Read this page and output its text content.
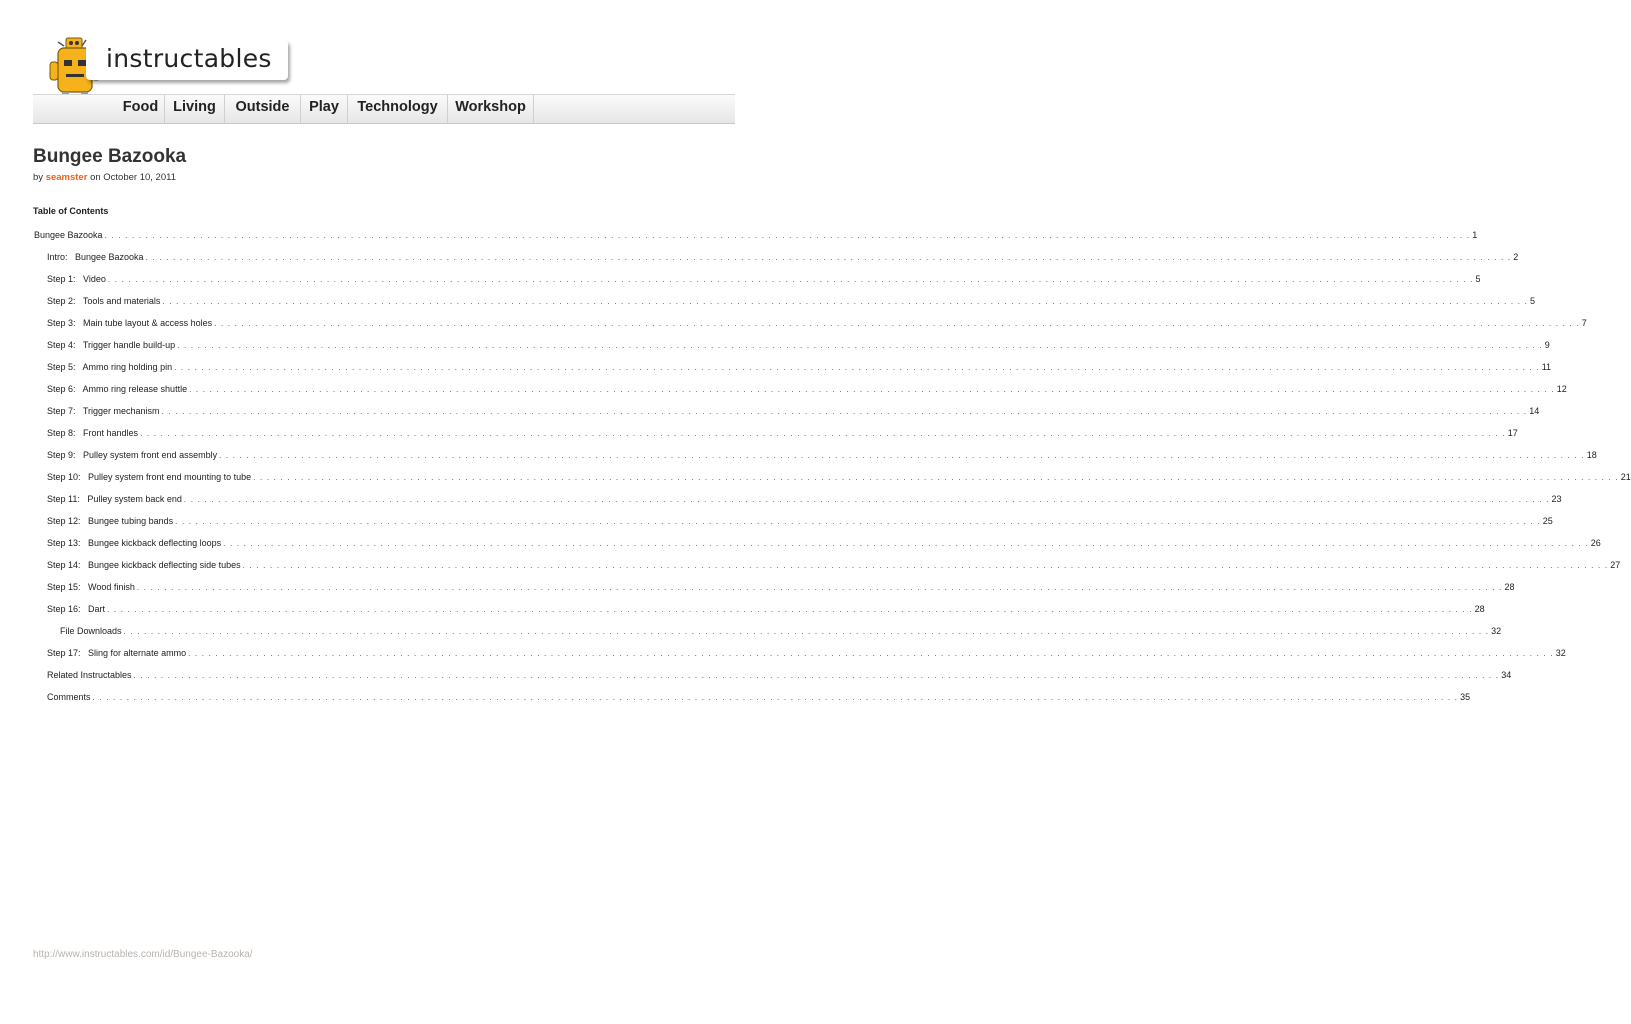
instructables
Food	Living	Outside	Play	Technology	Workshop
Bungee Bazooka
by seamster on October 10, 2011
Table of Contents
Bungee Bazooka . . . . . . . . . . . . . . . . . . . . . . . . . . . . . . . . . . . . . . . . . . . . . . . . . . . . . . . . . . . . . . . . . . . . . . . . . . . . . . . . . . . . . . . . . . . . . . . . . . . . . . . . . . . . . . . . . . . . . . . . . . . . . . . . . . . . . . . . . . . . . . . . . . . . . . . . . . . . . . . . . . . . . . . . . . . . . . . . . . . . . . . . . . . . . . . . . . . . . . . . 1
Intro:   Bungee Bazooka . . . . . . . . . . . . . . . . . . . . . . . . . . . . . . . . . . . . . . . . . . . . . . . . . . . . . . . . . . . . . . . . . . . . . . . . . . . . . . . . . . . . . . . . . . . . . . . . . . . . . . . . . . . . . . . . . . . . . . . . . . . . . . . . . . . . . . . . . . . . . . . . . . . . . . . . . . . . . . . . . . . . . . . . . . . . . . . . . . . . . . . . . . . . . . . . . . . . . . . . 2
Step 1:   Video . . . . . . . . . . . . . . . . . . . . . . . . . . . . . . . . . . . . . . . . . . . . . . . . . . . . . . . . . . . . . . . . . . . . . . . . . . . . . . . . . . . . . . . . . . . . . . . . . . . . . . . . . . . . . . . . . . . . . . . . . . . . . . . . . . . . . . . . . . . . . . . . . . . . . . . . . . . . . . . . . . . . . . . . . . . . . . . . . . . . . . . . . . . . . . . . . . . . . . . . 5
Step 2:   Tools and materials . . . . . . . . . . . . . . . . . . . . . . . . . . . . . . . . . . . . . . . . . . . . . . . . . . . . . . . . . . . . . . . . . . . . . . . . . . . . . . . . . . . . . . . . . . . . . . . . . . . . . . . . . . . . . . . . . . . . . . . . . . . . . . . . . . . . . . . . . . . . . . . . . . . . . . . . . . . . . . . . . . . . . . . . . . . . . . . . . . . . . . . . . . . . . . . . . . . . . . . . 5
Step 3:   Main tube layout & access holes . . . . . . . . . . . . . . . . . . . . . . . . . . . . . . . . . . . . . . . . . . . . . . . . . . . . . . . . . . . . . . . . . . . . . . . . . . . . . . . . . . . . . . . . . . . . . . . . . . . . . . . . . . . . . . . . . . . . . . . . . . . . . . . . . . . . . . . . . . . . . . . . . . . . . . . . . . . . . . . . . . . . . . . . . . . . . . . . . . . . . . . . . . . . . . . . . . . . . . . . 7
Step 4:   Trigger handle build-up . . . . . . . . . . . . . . . . . . . . . . . . . . . . . . . . . . . . . . . . . . . . . . . . . . . . . . . . . . . . . . . . . . . . . . . . . . . . . . . . . . . . . . . . . . . . . . . . . . . . . . . . . . . . . . . . . . . . . . . . . . . . . . . . . . . . . . . . . . . . . . . . . . . . . . . . . . . . . . . . . . . . . . . . . . . . . . . . . . . . . . . . . . . . . . . . . . . . . . . . 9
Step 5:   Ammo ring holding pin . . . . . . . . . . . . . . . . . . . . . . . . . . . . . . . . . . . . . . . . . . . . . . . . . . . . . . . . . . . . . . . . . . . . . . . . . . . . . . . . . . . . . . . . . . . . . . . . . . . . . . . . . . . . . . . . . . . . . . . . . . . . . . . . . . . . . . . . . . . . . . . . . . . . . . . . . . . . . . . . . . . . . . . . . . . . . . . . . . . . . . . . . . . . . . . . . . . . . . . . 11
Step 6:   Ammo ring release shuttle . . . . . . . . . . . . . . . . . . . . . . . . . . . . . . . . . . . . . . . . . . . . . . . . . . . . . . . . . . . . . . . . . . . . . . . . . . . . . . . . . . . . . . . . . . . . . . . . . . . . . . . . . . . . . . . . . . . . . . . . . . . . . . . . . . . . . . . . . . . . . . . . . . . . . . . . . . . . . . . . . . . . . . . . . . . . . . . . . . . . . . . . . . . . . . . . . . . . . . . . 12
Step 7:   Trigger mechanism . . . . . . . . . . . . . . . . . . . . . . . . . . . . . . . . . . . . . . . . . . . . . . . . . . . . . . . . . . . . . . . . . . . . . . . . . . . . . . . . . . . . . . . . . . . . . . . . . . . . . . . . . . . . . . . . . . . . . . . . . . . . . . . . . . . . . . . . . . . . . . . . . . . . . . . . . . . . . . . . . . . . . . . . . . . . . . . . . . . . . . . . . . . . . . . . . . . . . . . . 14
Step 8:   Front handles . . . . . . . . . . . . . . . . . . . . . . . . . . . . . . . . . . . . . . . . . . . . . . . . . . . . . . . . . . . . . . . . . . . . . . . . . . . . . . . . . . . . . . . . . . . . . . . . . . . . . . . . . . . . . . . . . . . . . . . . . . . . . . . . . . . . . . . . . . . . . . . . . . . . . . . . . . . . . . . . . . . . . . . . . . . . . . . . . . . . . . . . . . . . . . . . . . . . . . . . 17
Step 9:   Pulley system front end assembly . . . . . . . . . . . . . . . . . . . . . . . . . . . . . . . . . . . . . . . . . . . . . . . . . . . . . . . . . . . . . . . . . . . . . . . . . . . . . . . . . . . . . . . . . . . . . . . . . . . . . . . . . . . . . . . . . . . . . . . . . . . . . . . . . . . . . . . . . . . . . . . . . . . . . . . . . . . . . . . . . . . . . . . . . . . . . . . . . . . . . . . . . . . . . . . . . . . . . . . . 18
Step 10:   Pulley system front end mounting to tube . . . . . . . . . . . . . . . . . . . . . . . . . . . . . . . . . . . . . . . . . . . . . . . . . . . . . . . . . . . . . . . . . . . . . . . . . . . . . . . . . . . . . . . . . . . . . . . . . . . . . . . . . . . . . . . . . . . . . . . . . . . . . . . . . . . . . . . . . . . . . . . . . . . . . . . . . . . . . . . . . . . . . . . . . . . . . . . . . . . . . . . . . . . . . . . . . . . . . . . . 21
Step 11:   Pulley system back end . . . . . . . . . . . . . . . . . . . . . . . . . . . . . . . . . . . . . . . . . . . . . . . . . . . . . . . . . . . . . . . . . . . . . . . . . . . . . . . . . . . . . . . . . . . . . . . . . . . . . . . . . . . . . . . . . . . . . . . . . . . . . . . . . . . . . . . . . . . . . . . . . . . . . . . . . . . . . . . . . . . . . . . . . . . . . . . . . . . . . . . . . . . . . . . . . . . . . . . . 23
Step 12:   Bungee tubing bands . . . . . . . . . . . . . . . . . . . . . . . . . . . . . . . . . . . . . . . . . . . . . . . . . . . . . . . . . . . . . . . . . . . . . . . . . . . . . . . . . . . . . . . . . . . . . . . . . . . . . . . . . . . . . . . . . . . . . . . . . . . . . . . . . . . . . . . . . . . . . . . . . . . . . . . . . . . . . . . . . . . . . . . . . . . . . . . . . . . . . . . . . . . . . . . . . . . . . . . . 25
Step 13:   Bungee kickback deflecting loops . . . . . . . . . . . . . . . . . . . . . . . . . . . . . . . . . . . . . . . . . . . . . . . . . . . . . . . . . . . . . . . . . . . . . . . . . . . . . . . . . . . . . . . . . . . . . . . . . . . . . . . . . . . . . . . . . . . . . . . . . . . . . . . . . . . . . . . . . . . . . . . . . . . . . . . . . . . . . . . . . . . . . . . . . . . . . . . . . . . . . . . . . . . . . . . . . . . . . . . . 26
Step 14:   Bungee kickback deflecting side tubes . . . . . . . . . . . . . . . . . . . . . . . . . . . . . . . . . . . . . . . . . . . . . . . . . . . . . . . . . . . . . . . . . . . . . . . . . . . . . . . . . . . . . . . . . . . . . . . . . . . . . . . . . . . . . . . . . . . . . . . . . . . . . . . . . . . . . . . . . . . . . . . . . . . . . . . . . . . . . . . . . . . . . . . . . . . . . . . . . . . . . . . . . . . . . . . . . . . . . . . . 27
Step 15:   Wood finish . . . . . . . . . . . . . . . . . . . . . . . . . . . . . . . . . . . . . . . . . . . . . . . . . . . . . . . . . . . . . . . . . . . . . . . . . . . . . . . . . . . . . . . . . . . . . . . . . . . . . . . . . . . . . . . . . . . . . . . . . . . . . . . . . . . . . . . . . . . . . . . . . . . . . . . . . . . . . . . . . . . . . . . . . . . . . . . . . . . . . . . . . . . . . . . . . . . . . . . . 28
Step 16:   Dart . . . . . . . . . . . . . . . . . . . . . . . . . . . . . . . . . . . . . . . . . . . . . . . . . . . . . . . . . . . . . . . . . . . . . . . . . . . . . . . . . . . . . . . . . . . . . . . . . . . . . . . . . . . . . . . . . . . . . . . . . . . . . . . . . . . . . . . . . . . . . . . . . . . . . . . . . . . . . . . . . . . . . . . . . . . . . . . . . . . . . . . . . . . . . . . . . . . . . . . . 28
File Downloads . . . . . . . . . . . . . . . . . . . . . . . . . . . . . . . . . . . . . . . . . . . . . . . . . . . . . . . . . . . . . . . . . . . . . . . . . . . . . . . . . . . . . . . . . . . . . . . . . . . . . . . . . . . . . . . . . . . . . . . . . . . . . . . . . . . . . . . . . . . . . . . . . . . . . . . . . . . . . . . . . . . . . . . . . . . . . . . . . . . . . . . . . . . . . . . . . . . . . . . . 32
Step 17:   Sling for alternate ammo . . . . . . . . . . . . . . . . . . . . . . . . . . . . . . . . . . . . . . . . . . . . . . . . . . . . . . . . . . . . . . . . . . . . . . . . . . . . . . . . . . . . . . . . . . . . . . . . . . . . . . . . . . . . . . . . . . . . . . . . . . . . . . . . . . . . . . . . . . . . . . . . . . . . . . . . . . . . . . . . . . . . . . . . . . . . . . . . . . . . . . . . . . . . . . . . . . . . . . . . 32
Related Instructables . . . . . . . . . . . . . . . . . . . . . . . . . . . . . . . . . . . . . . . . . . . . . . . . . . . . . . . . . . . . . . . . . . . . . . . . . . . . . . . . . . . . . . . . . . . . . . . . . . . . . . . . . . . . . . . . . . . . . . . . . . . . . . . . . . . . . . . . . . . . . . . . . . . . . . . . . . . . . . . . . . . . . . . . . . . . . . . . . . . . . . . . . . . . . . . . . . . . . . . . 34
Comments . . . . . . . . . . . . . . . . . . . . . . . . . . . . . . . . . . . . . . . . . . . . . . . . . . . . . . . . . . . . . . . . . . . . . . . . . . . . . . . . . . . . . . . . . . . . . . . . . . . . . . . . . . . . . . . . . . . . . . . . . . . . . . . . . . . . . . . . . . . . . . . . . . . . . . . . . . . . . . . . . . . . . . . . . . . . . . . . . . . . . . . . . . . . . . . . . . . . . . . . 35
http://www.instructables.com/id/Bungee-Bazooka/
